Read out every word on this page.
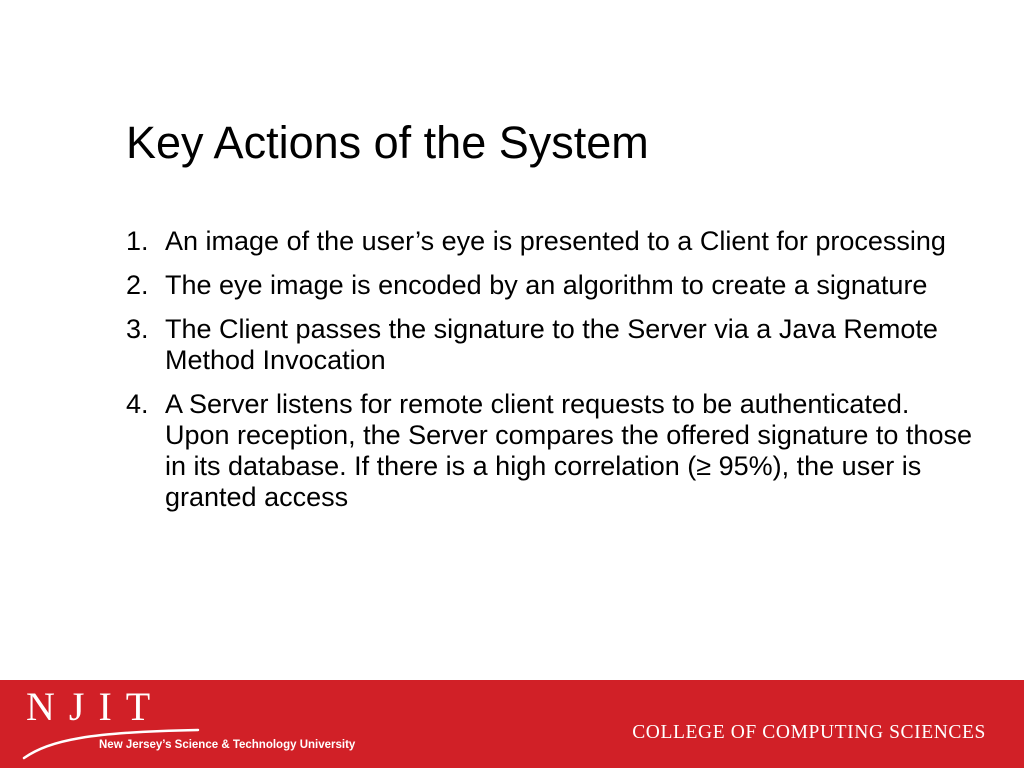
Key Actions of the System
1. An image of the user’s eye is presented to a Client for processing
2. The eye image is encoded by an algorithm to create a signature
3. The Client passes the signature to the Server via a Java Remote Method Invocation
4. A Server listens for remote client requests to be authenticated. Upon reception, the Server compares the offered signature to those in its database. If there is a high correlation (≥ 95%), the user is granted access
NJIT
New Jersey’s Science & Technology University
COLLEGE OF COMPUTING SCIENCES
